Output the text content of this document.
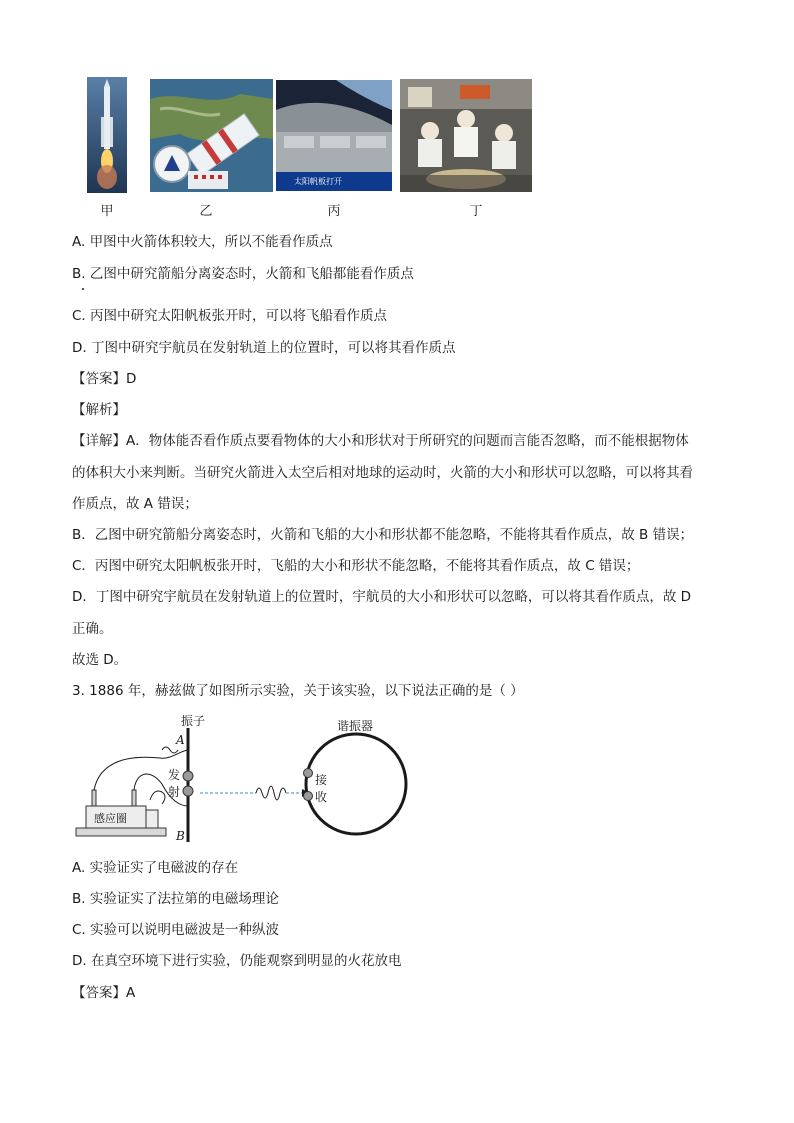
太阳帆板打开
甲	乙	丙	丁
A. 甲图中火箭体积较大，所以不能看作质点
B. 乙图中研究箭船分离姿态时，火箭和飞船都能看作质点
C. 丙图中研究太阳帆板张开时，可以将飞船看作质点
D. 丁图中研究宇航员在发射轨道上的位置时，可以将其看作质点
【答案】D
【解析】
【详解】A．物体能否看作质点要看物体的大小和形状对于所研究的问题而言能否忽略，而不能根据物体
的体积大小来判断。当研究火箭进入太空后相对地球的运动时，火箭的大小和形状可以忽略，可以将其看
作质点，故 A 错误；
B．乙图中研究箭船分离姿态时，火箭和飞船的大小和形状都不能忽略，不能将其看作质点，故 B 错误；
C．丙图中研究太阳帆板张开时，飞船的大小和形状不能忽略，不能将其看作质点，故 C 错误；
D．丁图中研究宇航员在发射轨道上的位置时，宇航员的大小和形状可以忽略，可以将其看作质点，故 D
正确。
故选 D。
3. 1886 年，赫兹做了如图所示实验，关于该实验，以下说法正确的是（ ）
振子	谐振器
A
B
发
射
接
收
感应圈
A. 实验证实了电磁波的存在
B. 实验证实了法拉第的电磁场理论
C. 实验可以说明电磁波是一种纵波
D. 在真空环境下进行实验，仍能观察到明显的火花放电
【答案】A
